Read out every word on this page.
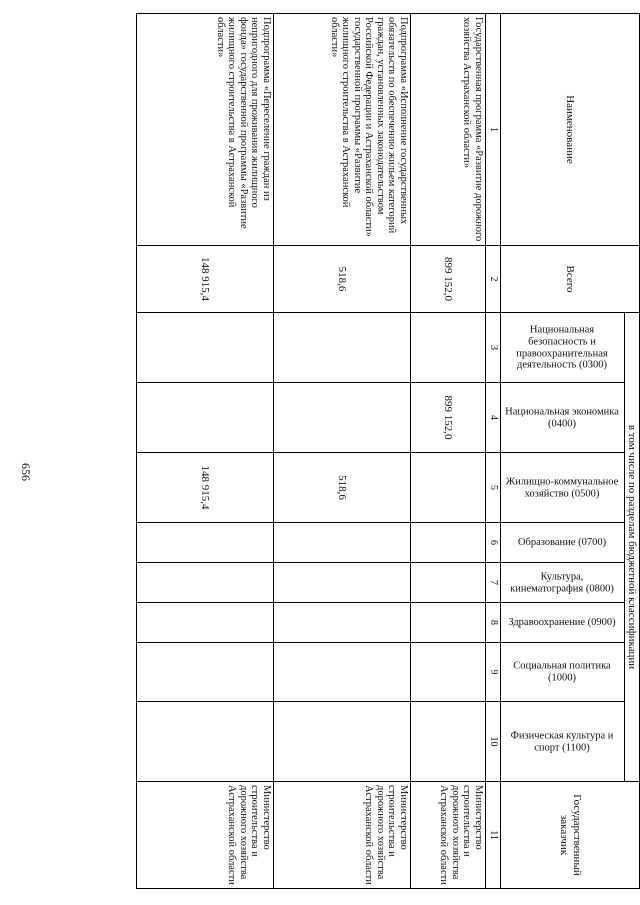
656
Наименование	Всего	в том числе по разделам бюджетной классификации								Государственный заказчик

		Национальная безопасность и правоохранительная деятельность (0300)	Национальная экономика (0400)	Жилищно-коммунальное хозяйство (0500)	Образование (0700)	Культура, кинематография (0800)	Здравоохранение (0900)	Социальная политика (1000)	Физическая культура и спорт (1100)	

1	2	3	4	5	6	7	8	9	10	11
Государственная программа «Развитие дорожного хозяйства Астраханской области»	899 152,0		899 152,0							Министерство строительства и дорожного хозяйства Астраханской области
Подпрограмма «Исполнение государственных обязательств по обеспечению жильем категорий граждан, установленных законодательством Российской Федерации и Астраханской области» государственной программы «Развитие жилищного строительства в Астраханской области»	518,6			518,6						Министерство строительства и дорожного хозяйства Астраханской области
Подпрограмма «Переселение граждан из непригодного для проживания жилищного фонда» государственной программы «Развитие жилищного строительства в Астраханской области»	148 915,4			148 915,4						Министерство строительства и дорожного хозяйства Астраханской области
